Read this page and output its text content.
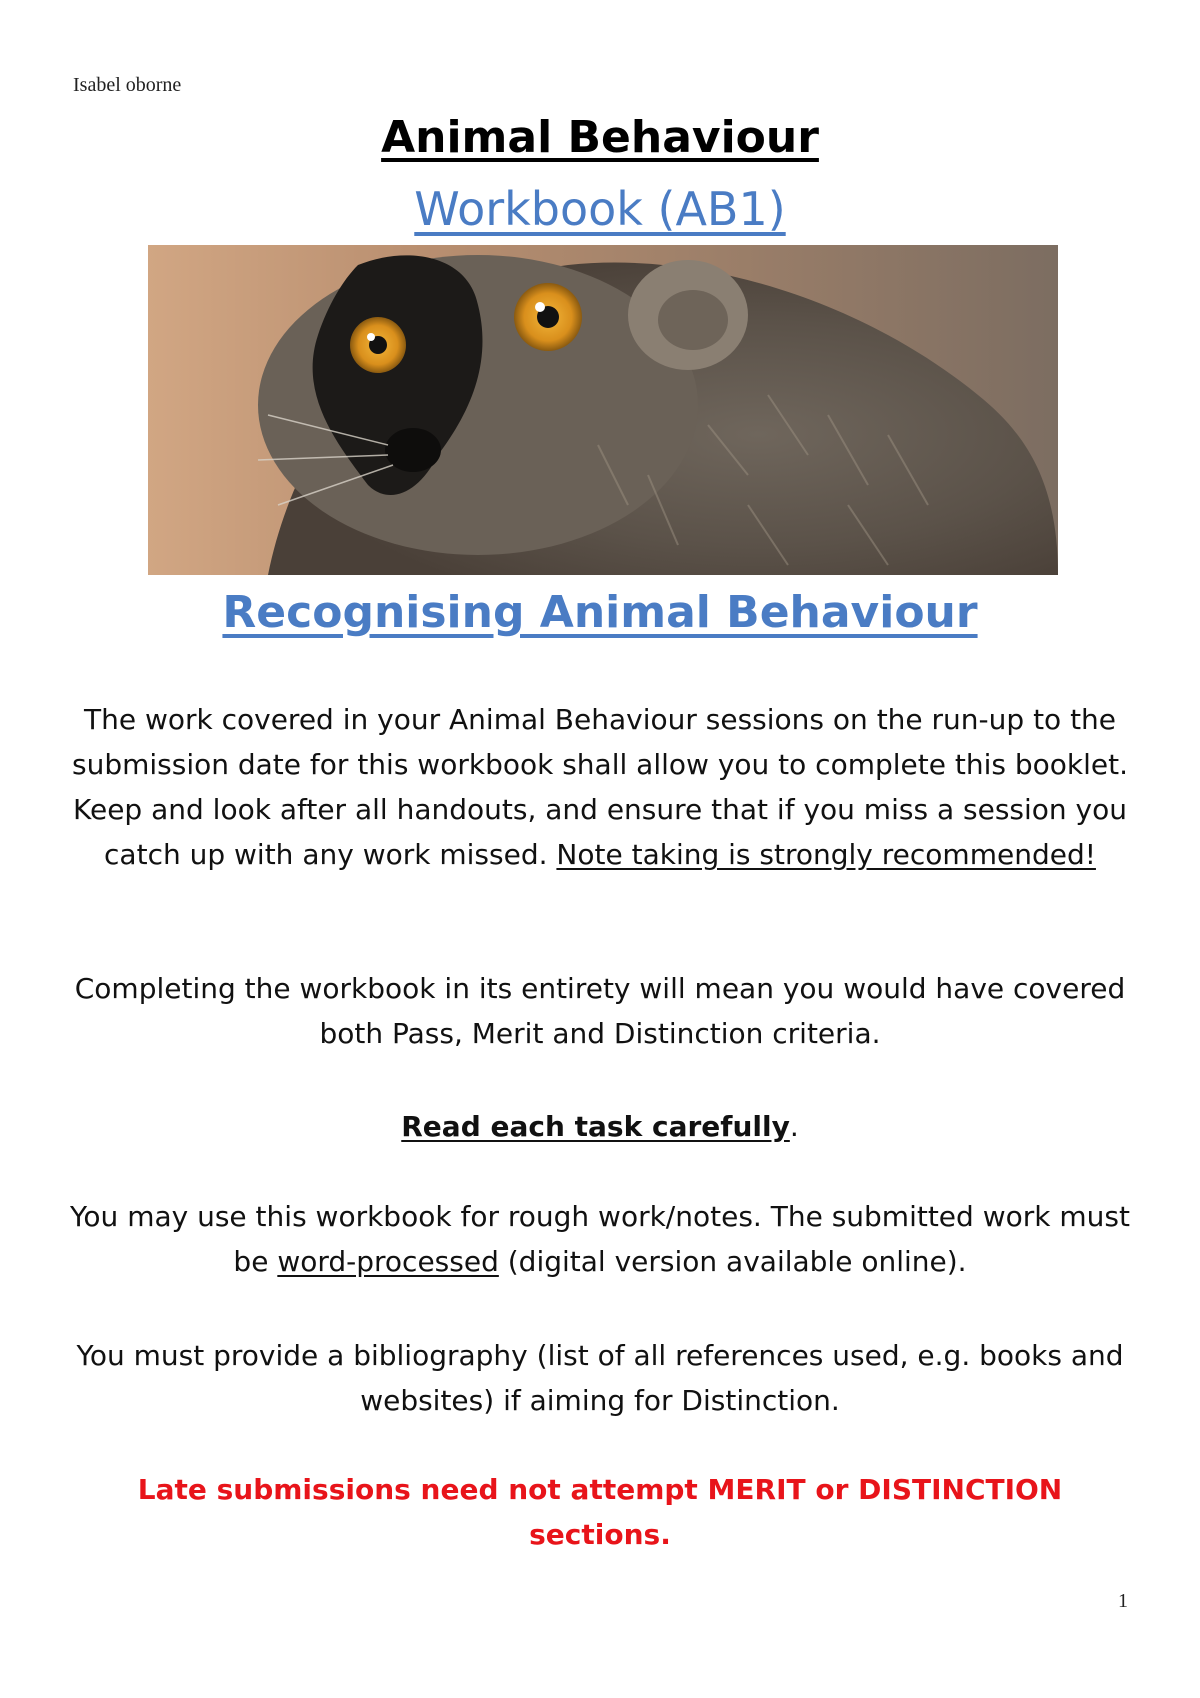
Isabel oborne
Animal Behaviour
Workbook (AB1)
Recognising Animal Behaviour
The work covered in your Animal Behaviour sessions on the run-up to the submission date for this workbook shall allow you to complete this booklet. Keep and look after all handouts, and ensure that if you miss a session you catch up with any work missed. Note taking is strongly recommended!
Completing the workbook in its entirety will mean you would have covered both Pass, Merit and Distinction criteria.
Read each task carefully.
You may use this workbook for rough work/notes. The submitted work must be word-processed (digital version available online).
You must provide a bibliography (list of all references used, e.g. books and websites) if aiming for Distinction.
Late submissions need not attempt MERIT or DISTINCTION sections.
1
